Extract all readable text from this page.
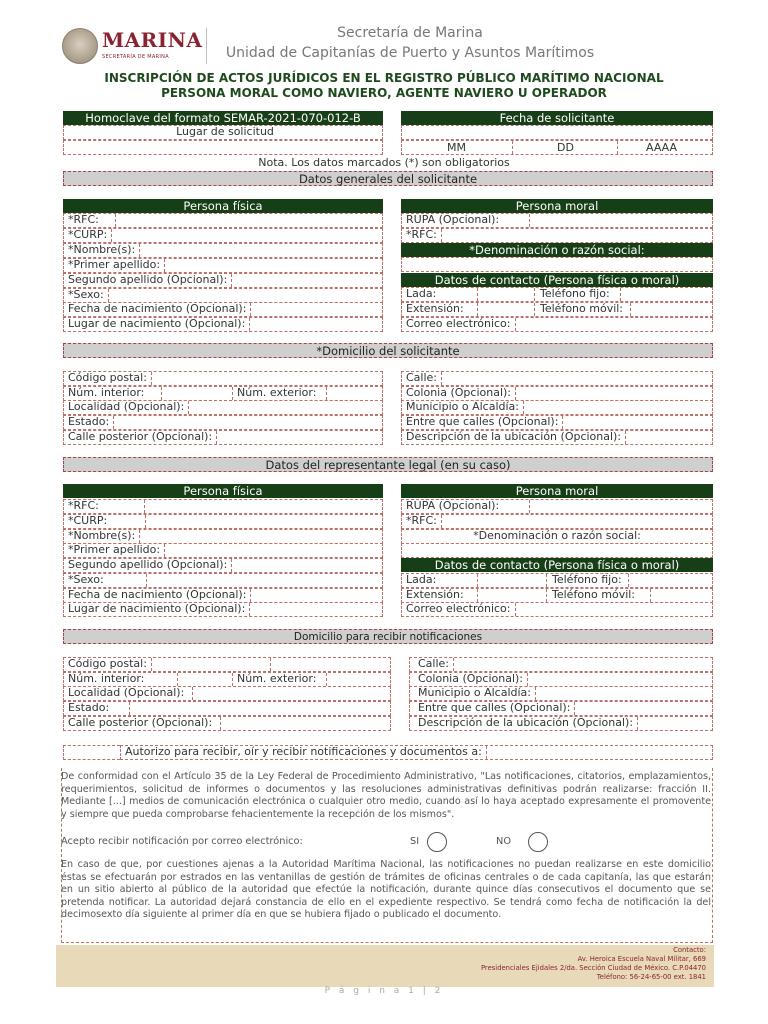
MARINA
SECRETARÍA DE MARINA
Secretaría de Marina
Unidad de Capitanías de Puerto y Asuntos Marítimos
INSCRIPCIÓN DE ACTOS JURÍDICOS EN EL REGISTRO PÚBLICO MARÍTIMO NACIONAL
PERSONA MORAL COMO NAVIERO, AGENTE NAVIERO U OPERADOR
Homoclave del formato SEMAR-2021-070-012-B
Lugar de solicitud
Fecha de solicitante
MM	DD	AAAA
Nota. Los datos marcados (*) son obligatorios
Datos generales del solicitante
Persona física
*RFC:
*CURP:
*Nombre(s):
*Primer apellido:
Segundo apellido (Opcional):
*Sexo:
Fecha de nacimiento (Opcional):
Lugar de nacimiento (Opcional):
Persona moral
RUPA (Opcional):
*RFC:
*Denominación o razón social:
Datos de contacto (Persona física o moral)
Lada:	Teléfono fijo:
Extensión:	Teléfono móvil:
Correo electrónico:
*Domicilio del solicitante
Código postal:
Núm. interior:	Núm. exterior:
Localidad (Opcional):
Estado:
Calle posterior (Opcional):
Calle:
Colonia (Opcional):
Municipio o Alcaldía:
Entre que calles (Opcional):
Descripción de la ubicación (Opcional):
Datos del representante legal (en su caso)
Persona física
*RFC:
*CURP:
*Nombre(s):
*Primer apellido:
Segundo apellido (Opcional):
*Sexo:
Fecha de nacimiento (Opcional):
Lugar de nacimiento (Opcional):
Persona moral
RUPA (Opcional):
*RFC:
*Denominación o razón social:
Datos de contacto (Persona física o moral)
Lada:	Teléfono fijo:
Extensión:	Teléfono móvil:
Correo electrónico:
Domicilio para recibir notificaciones
Código postal:
Núm. interior:	Núm. exterior:
Localidad (Opcional):
Estado:
Calle posterior (Opcional):
Calle:
Colonia (Opcional):
Municipio o Alcaldía:
Entre que calles (Opcional):
Descripción de la ubicación (Opcional):
Autorizo para recibir, oír y recibir notificaciones y documentos a:
De conformidad con el Artículo 35 de la Ley Federal de Procedimiento Administrativo, "Las notificaciones, citatorios, emplazamientos, requerimientos, solicitud de informes o documentos y las resoluciones administrativas definitivas podrán realizarse: fracción II. Mediante [...] medios de comunicación electrónica o cualquier otro medio, cuando así lo haya aceptado expresamente el promovente y siempre que pueda comprobarse fehacientemente la recepción de los mismos".
Acepto recibir notificación por correo electrónico:	SI	NO
En caso de que, por cuestiones ajenas a la Autoridad Marítima Nacional, las notificaciones no puedan realizarse en este domicilio éstas se efectuarán por estrados en las ventanillas de gestión de trámites de oficinas centrales o de cada capitanía, las que estarán en un sitio abierto al público de la autoridad que efectúe la notificación, durante quince días consecutivos el documento que se pretenda notificar. La autoridad dejará constancia de ello en el expediente respectivo. Se tendrá como fecha de notificación la del decimosexto día siguiente al primer día en que se hubiera fijado o publicado el documento.
Contacto:
Av. Heroica Escuela Naval Militar, 669
Presidenciales Ejidales 2/da. Sección Ciudad de México. C.P.04470
Teléfono: 56-24-65-00 ext. 1841
P á g i n a 1 | 2
